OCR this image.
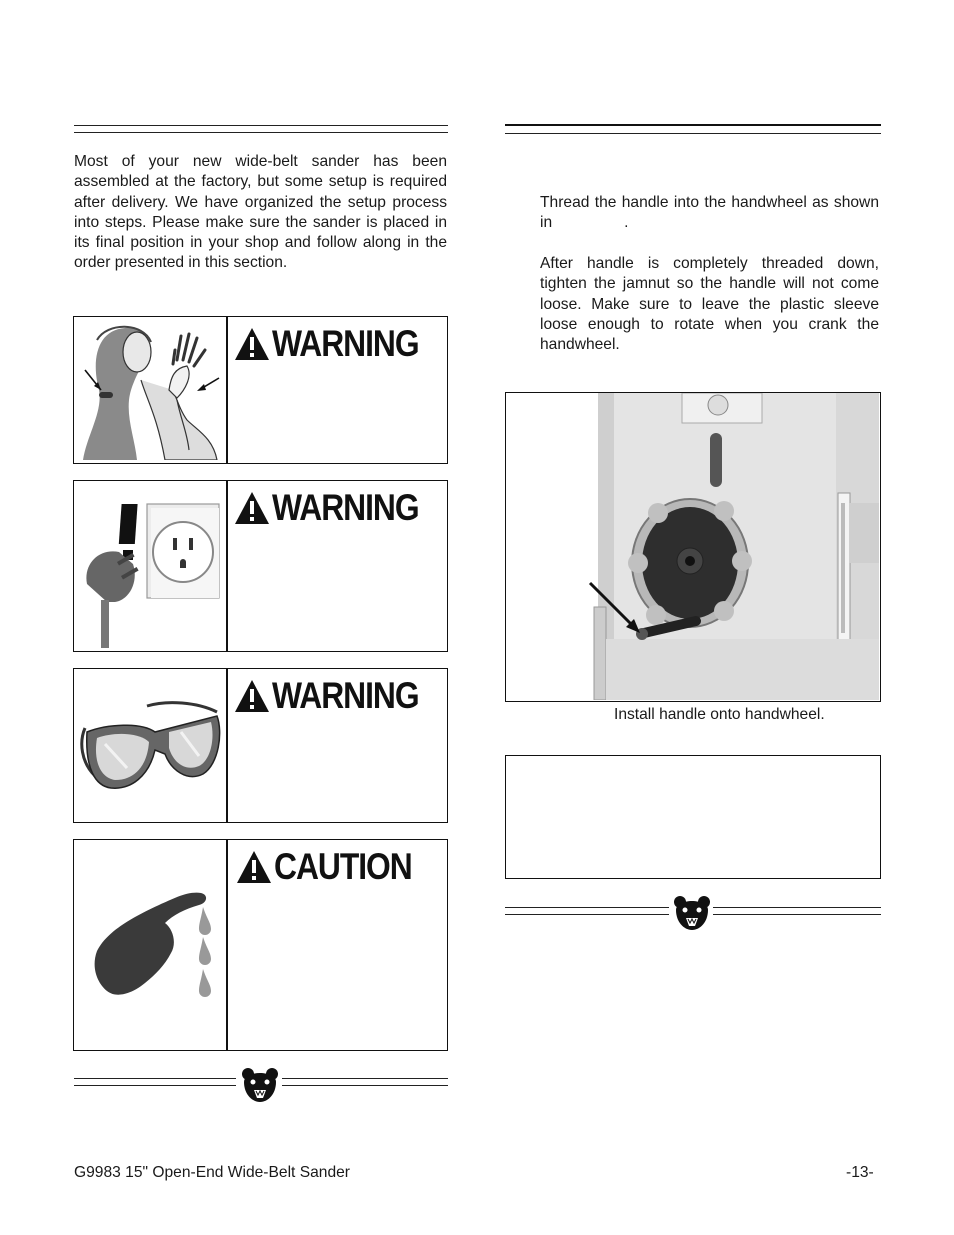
Most of your new wide-belt sander has been assembled at the factory, but some setup is required after delivery. We have organized the setup process into steps. Please make sure the sander is placed in its final position in your shop and follow along in the order presented in this section.

WARNING
WARNING
WARNING
CAUTION

Thread the handle into the handwheel as shown in	.

After handle is completely threaded down, tighten the jamnut so the handle will not come loose. Make sure to leave the plastic sleeve loose enough to rotate when you crank the handwheel.

Install handle onto handwheel.
G9983 15" Open-End Wide-Belt Sander	-13-
